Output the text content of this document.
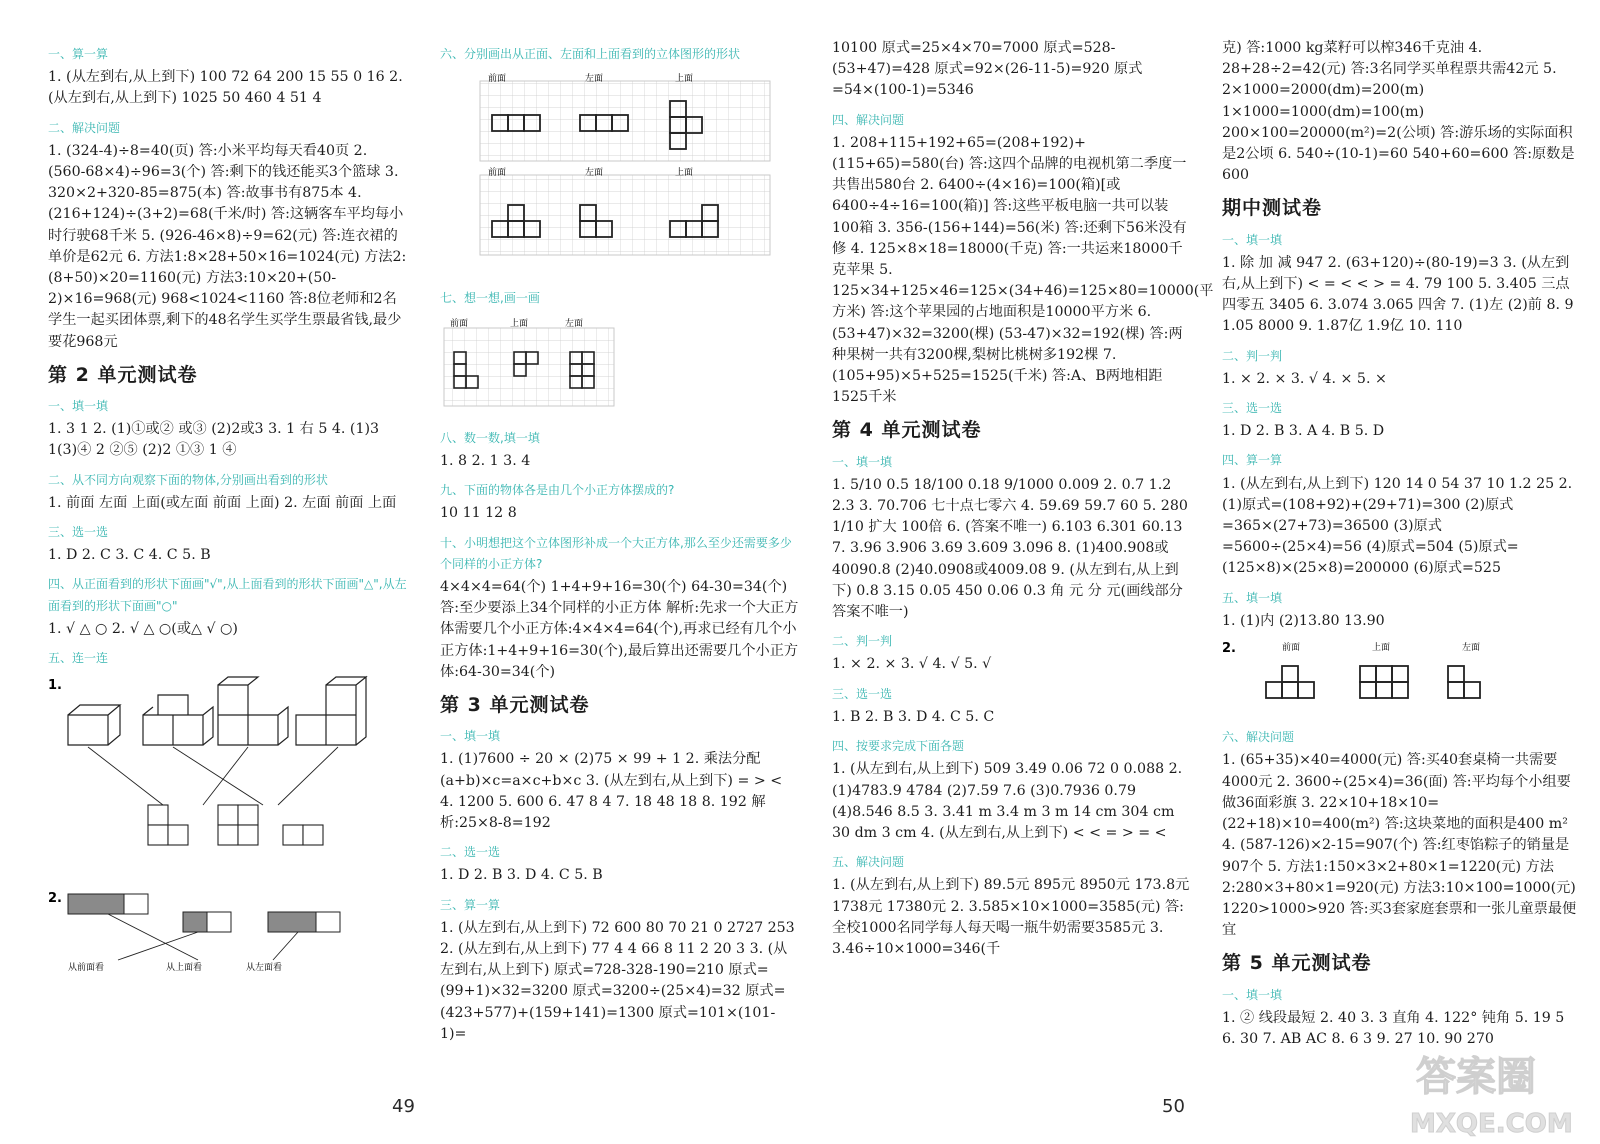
一、算一算

1. (从左到右,从上到下) 100 72 64 200 15 55 0 16 2. (从左到右,从上到下) 1025 50 460 4 51 4

二、解决问题

1. (324-4)÷8=40(页) 答:小米平均每天看40页 2. (560-68×4)÷96=3(个) 答:剩下的钱还能买3个篮球 3. 320×2+320-85=875(本) 答:故事书有875本 4. (216+124)÷(3+2)=68(千米/时) 答:这辆客车平均每小时行驶68千米 5. (926-46×8)÷9=62(元) 答:连衣裙的单价是62元 6. 方法1:8×28+50×16=1024(元) 方法2:(8+50)×20=1160(元) 方法3:10×20+(50-2)×16=968(元) 968<1024<1160 答:8位老师和2名学生一起买团体票,剩下的48名学生买学生票最省钱,最少要花968元

第 2 单元测试卷
一、填一填

1. 3 1 2. (1)①或② 或③ (2)2或3 3. 1 右 5 4. (1)3 1(3)④ 2 ②⑤ (2)2 ①③ 1 ④

二、从不同方向观察下面的物体,分别画出看到的形状

1. 前面 左面 上面(或左面 前面 上面) 2. 左面 前面 上面

三、选一选

1. D 2. C 3. C 4. C 5. B

四、从正面看到的形状下面画"√",从上面看到的形状下面画"△",从左面看到的形状下面画"○"

1. √ △ ○ 2. √ △ ○(或△ √ ○)

五、连一连
1.
2.
从前面看	从上面看	从左面看
六、分别画出从正面、左面和上面看到的立体图形的形状
前面	左面	上面
前面	左面	上面
七、想一想,画一画
前面	上面	左面
八、数一数,填一填

1. 8 2. 1 3. 4

九、下面的物体各是由几个小正方体摆成的?

10 11 12 8

十、小明想把这个立体图形补成一个大正方体,那么至少还需要多少个同样的小正方体?

4×4×4=64(个) 1+4+9+16=30(个) 64-30=34(个) 答:至少要添上34个同样的小正方体 解析:先求一个大正方体需要几个小正方体:4×4×4=64(个),再求已经有几个小正方体:1+4+9+16=30(个),最后算出还需要几个小正方体:64-30=34(个)

第 3 单元测试卷
一、填一填

1. (1)7600 ÷ 20 × (2)75 × 99 + 1 2. 乘法分配 (a+b)×c=a×c+b×c 3. (从左到右,从上到下) = > < 4. 1200 5. 600 6. 47 8 4 7. 18 48 18 8. 192 解析:25×8-8=192

二、选一选

1. D 2. B 3. D 4. C 5. B

三、算一算

1. (从左到右,从上到下) 72 600 80 70 21 0 2727 253 2. (从左到右,从上到下) 77 4 4 66 8 11 2 20 3 3. (从左到右,从上到下) 原式=728-328-190=210 原式=(99+1)×32=3200 原式=3200÷(25×4)=32 原式=(423+577)+(159+141)=1300 原式=101×(101-1)=

10100 原式=25×4×70=7000 原式=528-(53+47)=428 原式=92×(26-11-5)=920 原式=54×(100-1)=5346

四、解决问题

1. 208+115+192+65=(208+192)+(115+65)=580(台) 答:这四个品牌的电视机第二季度一共售出580台 2. 6400÷(4×16)=100(箱)[或6400÷4÷16=100(箱)] 答:这些平板电脑一共可以装100箱 3. 356-(156+144)=56(米) 答:还剩下56米没有修 4. 125×8×18=18000(千克) 答:一共运来18000千克苹果 5. 125×34+125×46=125×(34+46)=125×80=10000(平方米) 答:这个苹果园的占地面积是10000平方米 6. (53+47)×32=3200(棵) (53-47)×32=192(棵) 答:两种果树一共有3200棵,梨树比桃树多192棵 7. (105+95)×5+525=1525(千米) 答:A、B两地相距1525千米

第 4 单元测试卷
一、填一填

1. 5/10 0.5 18/100 0.18 9/1000 0.009 2. 0.7 1.2 2.3 3. 70.706 七十点七零六 4. 59.69 59.7 60 5. 280 1/10 扩大 100倍 6. (答案不唯一) 6.103 6.301 60.13 7. 3.96 3.906 3.69 3.609 3.096 8. (1)400.908或40090.8 (2)40.0908或4009.08 9. (从左到右,从上到下) 0.8 3.15 0.05 450 0.06 0.3 角 元 分 元(画线部分答案不唯一)

二、判一判

1. × 2. × 3. √ 4. √ 5. √

三、选一选

1. B 2. B 3. D 4. C 5. C

四、按要求完成下面各题

1. (从左到右,从上到下) 509 3.49 0.06 72 0 0.088 2. (1)4783.9 4784 (2)7.59 7.6 (3)0.7936 0.79 (4)8.546 8.5 3. 3.41 m 3.4 m 3 m 14 cm 304 cm 30 dm 3 cm 4. (从左到右,从上到下) < < = > = <

五、解决问题

1. (从左到右,从上到下) 89.5元 895元 8950元 173.8元 1738元 17380元 2. 3.585×10×1000=3585(元) 答:全校1000名同学每人每天喝一瓶牛奶需要3585元 3. 3.46÷10×1000=346(千

克) 答:1000 kg菜籽可以榨346千克油 4. 28+28÷2=42(元) 答:3名同学买单程票共需42元 5. 2×1000=2000(dm)=200(m) 1×1000=1000(dm)=100(m) 200×100=20000(m²)=2(公顷) 答:游乐场的实际面积是2公顷 6. 540÷(10-1)=60 540+60=600 答:原数是600

期中测试卷
一、填一填

1. 除 加 减 947 2. (63+120)÷(80-19)=3 3. (从左到右,从上到下) < = < < > = 4. 79 100 5. 3.405 三点四零五 3405 6. 3.074 3.065 四舍 7. (1)左 (2)前 8. 9 1.05 8000 9. 1.87亿 1.9亿 10. 110

二、判一判

1. × 2. × 3. √ 4. × 5. ×

三、选一选

1. D 2. B 3. A 4. B 5. D

四、算一算

1. (从左到右,从上到下) 120 14 0 54 37 10 1.2 25 2. (1)原式=(108+92)+(29+71)=300 (2)原式=365×(27+73)=36500 (3)原式=5600÷(25×4)=56 (4)原式=504 (5)原式=(125×8)×(25×8)=200000 (6)原式=525

五、填一填

1. (1)内 (2)13.80 13.90

2.	前面	上面	左面
六、解决问题

1. (65+35)×40=4000(元) 答:买40套桌椅一共需要4000元 2. 3600÷(25×4)=36(面) 答:平均每个小组要做36面彩旗 3. 22×10+18×10=(22+18)×10=400(m²) 答:这块菜地的面积是400 m² 4. (587-126)×2-15=907(个) 答:红枣馅粽子的销量是907个 5. 方法1:150×3×2+80×1=1220(元) 方法2:280×3+80×1=920(元) 方法3:10×100=1000(元) 1220>1000>920 答:买3套家庭套票和一张儿童票最便宜

第 5 单元测试卷
一、填一填

1. ② 线段最短 2. 40 3. 3 直角 4. 122° 钝角 5. 19 5 6. 30 7. AB AC 8. 6 3 9. 27 10. 90 270

49	50
答案圈
MXQE.COM
